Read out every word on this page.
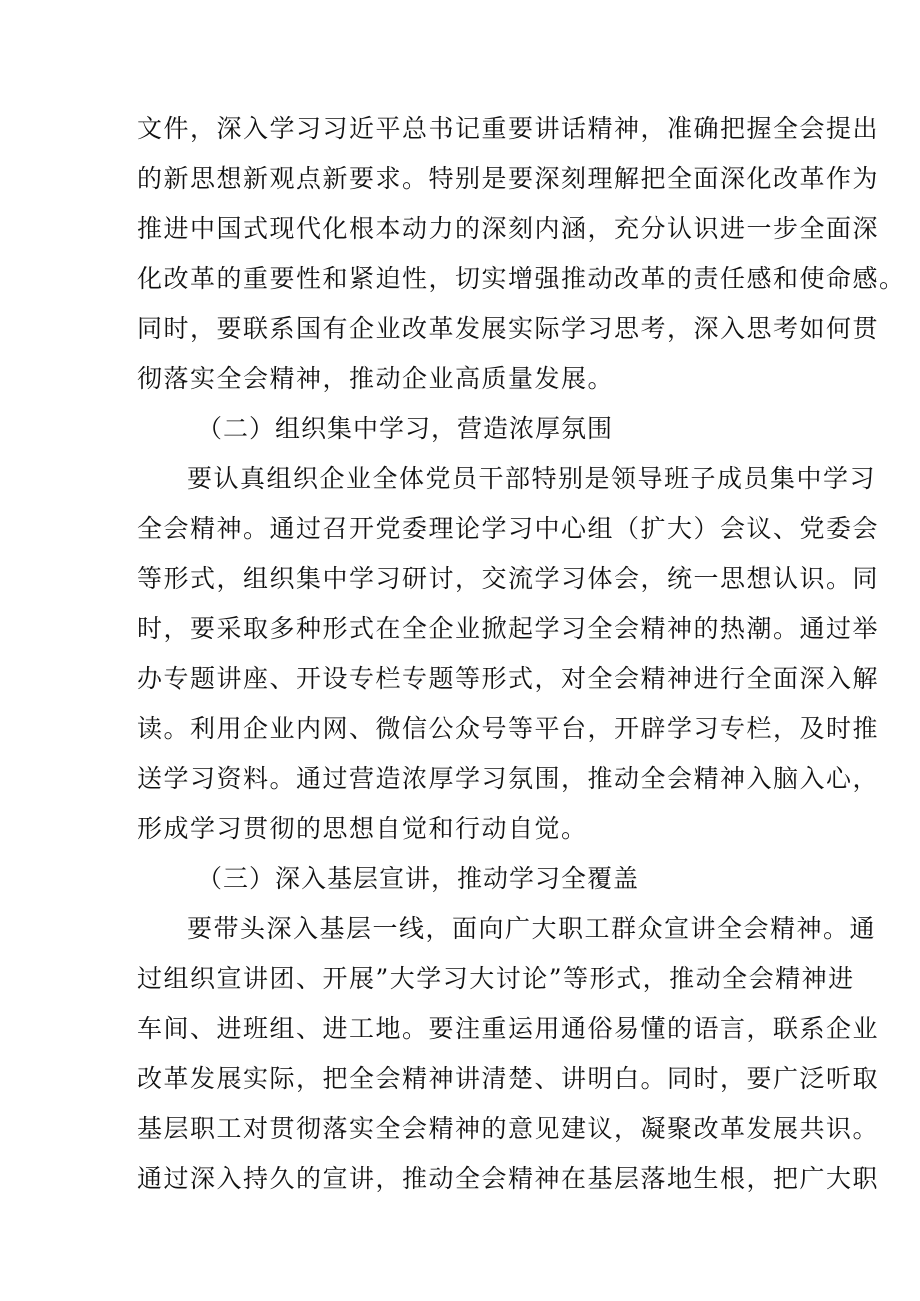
文件，深入学习习近平总书记重要讲话精神，准确把握全会提出
的新思想新观点新要求。特别是要深刻理解把全面深化改革作为
推进中国式现代化根本动力的深刻内涵，充分认识进一步全面深
化改革的重要性和紧迫性，切实增强推动改革的责任感和使命感。
同时，要联系国有企业改革发展实际学习思考，深入思考如何贯
彻落实全会精神，推动企业高质量发展。
（二）组织集中学习，营造浓厚氛围
要认真组织企业全体党员干部特别是领导班子成员集中学习
全会精神。通过召开党委理论学习中心组（扩大）会议、党委会
等形式，组织集中学习研讨，交流学习体会，统一思想认识。同
时，要采取多种形式在全企业掀起学习全会精神的热潮。通过举
办专题讲座、开设专栏专题等形式，对全会精神进行全面深入解
读。利用企业内网、微信公众号等平台，开辟学习专栏，及时推
送学习资料。通过营造浓厚学习氛围，推动全会精神入脑入心，
形成学习贯彻的思想自觉和行动自觉。
（三）深入基层宣讲，推动学习全覆盖
要带头深入基层一线，面向广大职工群众宣讲全会精神。通
过组织宣讲团、开展”大学习大讨论”等形式，推动全会精神进
车间、进班组、进工地。要注重运用通俗易懂的语言，联系企业
改革发展实际，把全会精神讲清楚、讲明白。同时，要广泛听取
基层职工对贯彻落实全会精神的意见建议，凝聚改革发展共识。
通过深入持久的宣讲，推动全会精神在基层落地生根，把广大职
